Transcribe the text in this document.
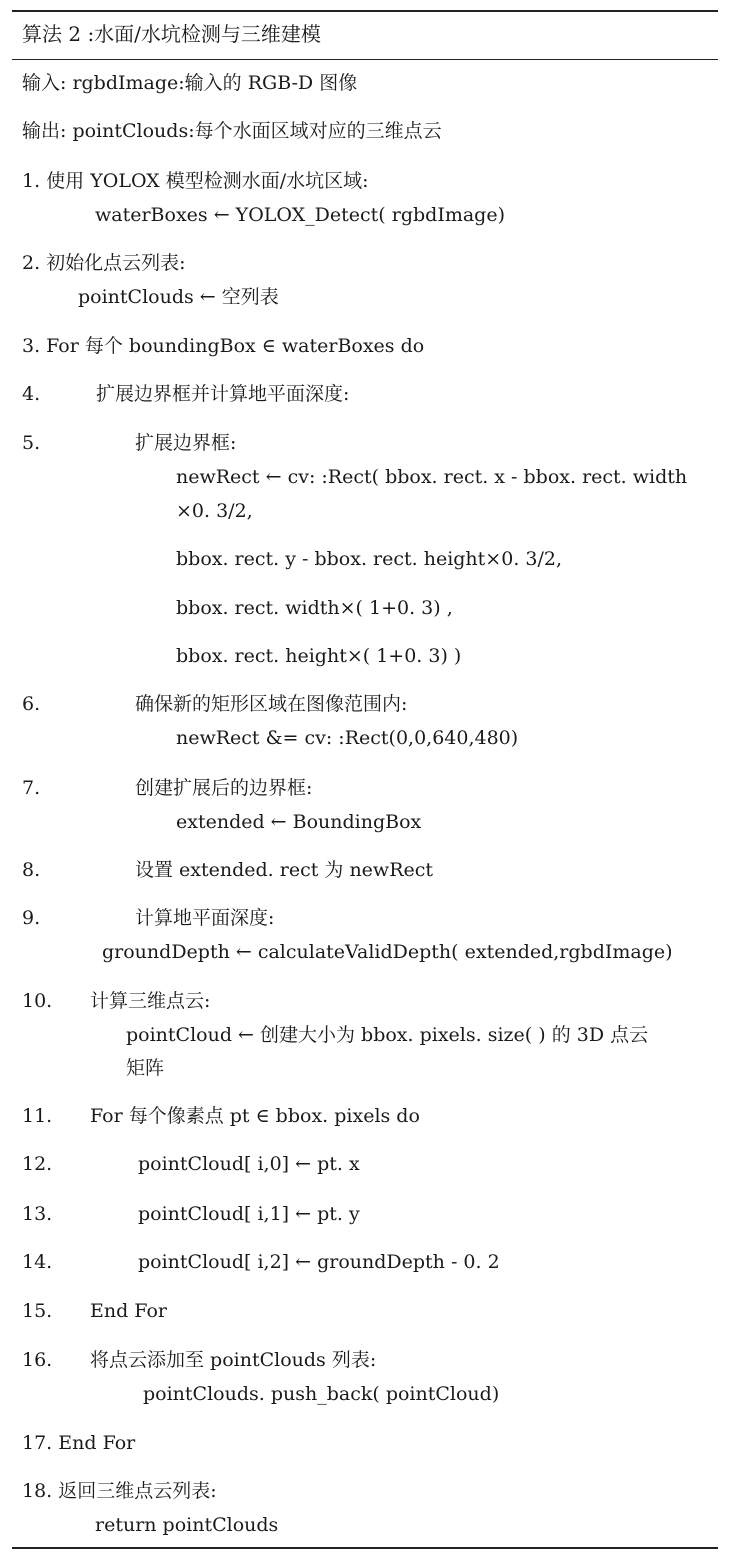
算法 2 :水面/水坑检测与三维建模
输入: rgbdImage:输入的 RGB-D 图像
输出: pointClouds:每个水面区域对应的三维点云
1. 使用 YOLOX 模型检测水面/水坑区域:
waterBoxes ← YOLOX_Detect( rgbdImage)
2. 初始化点云列表:
pointClouds ← 空列表
3. For 每个 boundingBox ∈ waterBoxes do
4.	扩展边界框并计算地平面深度:
5.	扩展边界框:
newRect ← cv: :Rect( bbox. rect. x - bbox. rect. width
×0. 3/2,
bbox. rect. y - bbox. rect. height×0. 3/2,
bbox. rect. width×( 1+0. 3) ,
bbox. rect. height×( 1+0. 3) )
6.	确保新的矩形区域在图像范围内:
newRect &= cv: :Rect(0,0,640,480)
7.	创建扩展后的边界框:
extended ← BoundingBox
8.	设置 extended. rect 为 newRect
9.	计算地平面深度:
groundDepth ← calculateValidDepth( extended,rgbdImage)
10. 计算三维点云:
pointCloud ← 创建大小为 bbox. pixels. size( ) 的 3D 点云
矩阵
11. For 每个像素点 pt ∈ bbox. pixels do
12.	pointCloud[ i,0] ← pt. x
13.	pointCloud[ i,1] ← pt. y
14.	pointCloud[ i,2] ← groundDepth - 0. 2
15. End For
16. 将点云添加至 pointClouds 列表:
pointClouds. push_back( pointCloud)
17. End For
18. 返回三维点云列表:
return pointClouds
